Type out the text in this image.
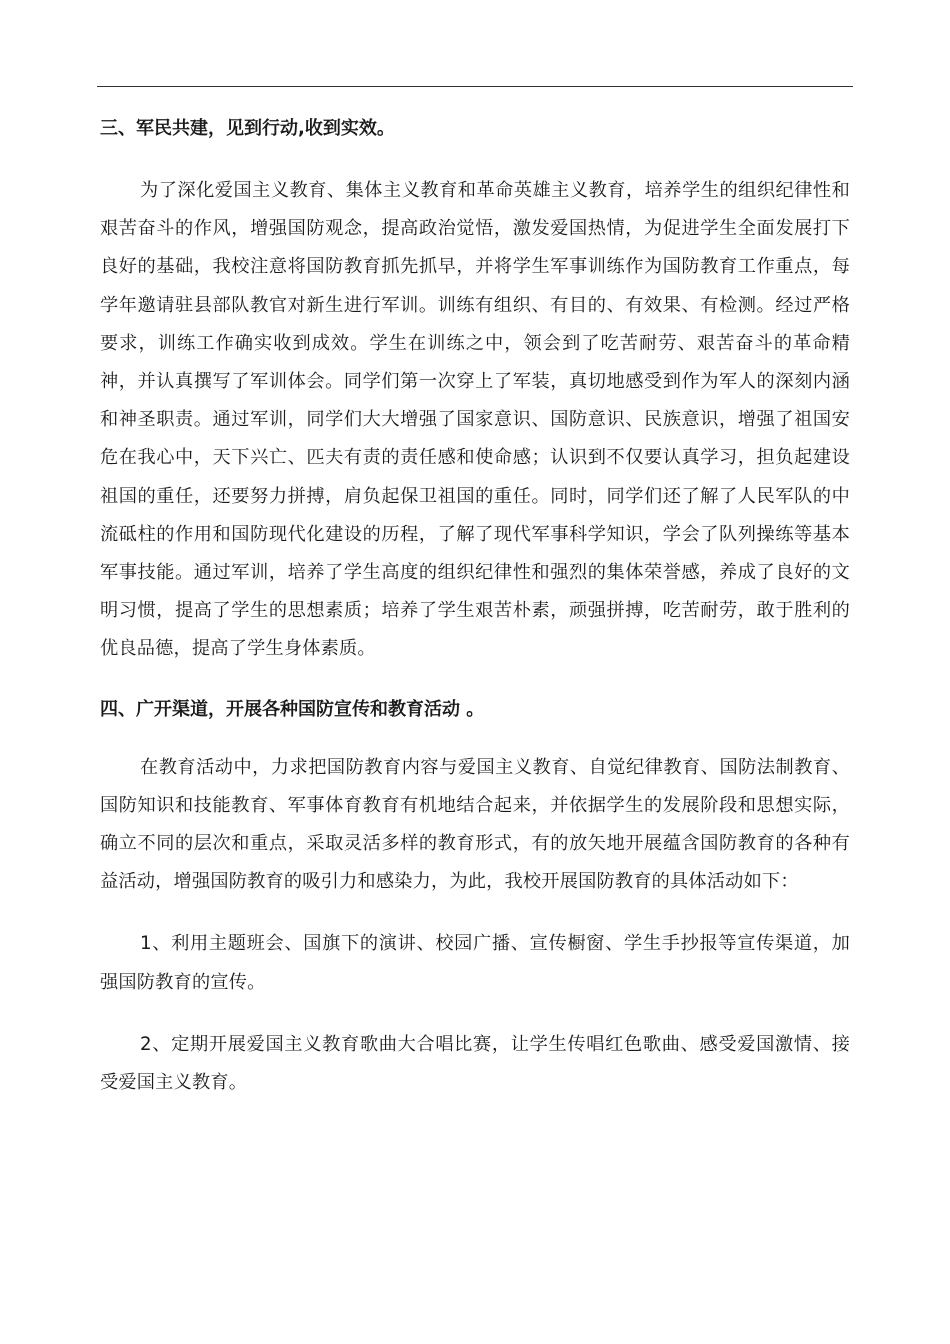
三、军民共建，见到行动,收到实效。

为了深化爱国主义教育、集体主义教育和革命英雄主义教育，培养学生的组织纪律性和艰苦奋斗的作风，增强国防观念，提高政治觉悟，激发爱国热情，为促进学生全面发展打下良好的基础，我校注意将国防教育抓先抓早，并将学生军事训练作为国防教育工作重点，每学年邀请驻县部队教官对新生进行军训。训练有组织、有目的、有效果、有检测。经过严格要求，训练工作确实收到成效。学生在训练之中，领会到了吃苦耐劳、艰苦奋斗的革命精神，并认真撰写了军训体会。同学们第一次穿上了军装，真切地感受到作为军人的深刻内涵和神圣职责。通过军训，同学们大大增强了国家意识、国防意识、民族意识，增强了祖国安危在我心中，天下兴亡、匹夫有责的责任感和使命感；认识到不仅要认真学习，担负起建设祖国的重任，还要努力拼搏，肩负起保卫祖国的重任。同时，同学们还了解了人民军队的中流砥柱的作用和国防现代化建设的历程，了解了现代军事科学知识，学会了队列操练等基本军事技能。通过军训，培养了学生高度的组织纪律性和强烈的集体荣誉感，养成了良好的文明习惯，提高了学生的思想素质；培养了学生艰苦朴素，顽强拼搏，吃苦耐劳，敢于胜利的优良品德，提高了学生身体素质。

四、广开渠道，开展各种国防宣传和教育活动 。

在教育活动中，力求把国防教育内容与爱国主义教育、自觉纪律教育、国防法制教育、国防知识和技能教育、军事体育教育有机地结合起来，并依据学生的发展阶段和思想实际，确立不同的层次和重点，采取灵活多样的教育形式，有的放矢地开展蕴含国防教育的各种有益活动，增强国防教育的吸引力和感染力，为此，我校开展国防教育的具体活动如下：

1、利用主题班会、国旗下的演讲、校园广播、宣传橱窗、学生手抄报等宣传渠道，加强国防教育的宣传。

2、定期开展爱国主义教育歌曲大合唱比赛，让学生传唱红色歌曲、感受爱国激情、接受爱国主义教育。
